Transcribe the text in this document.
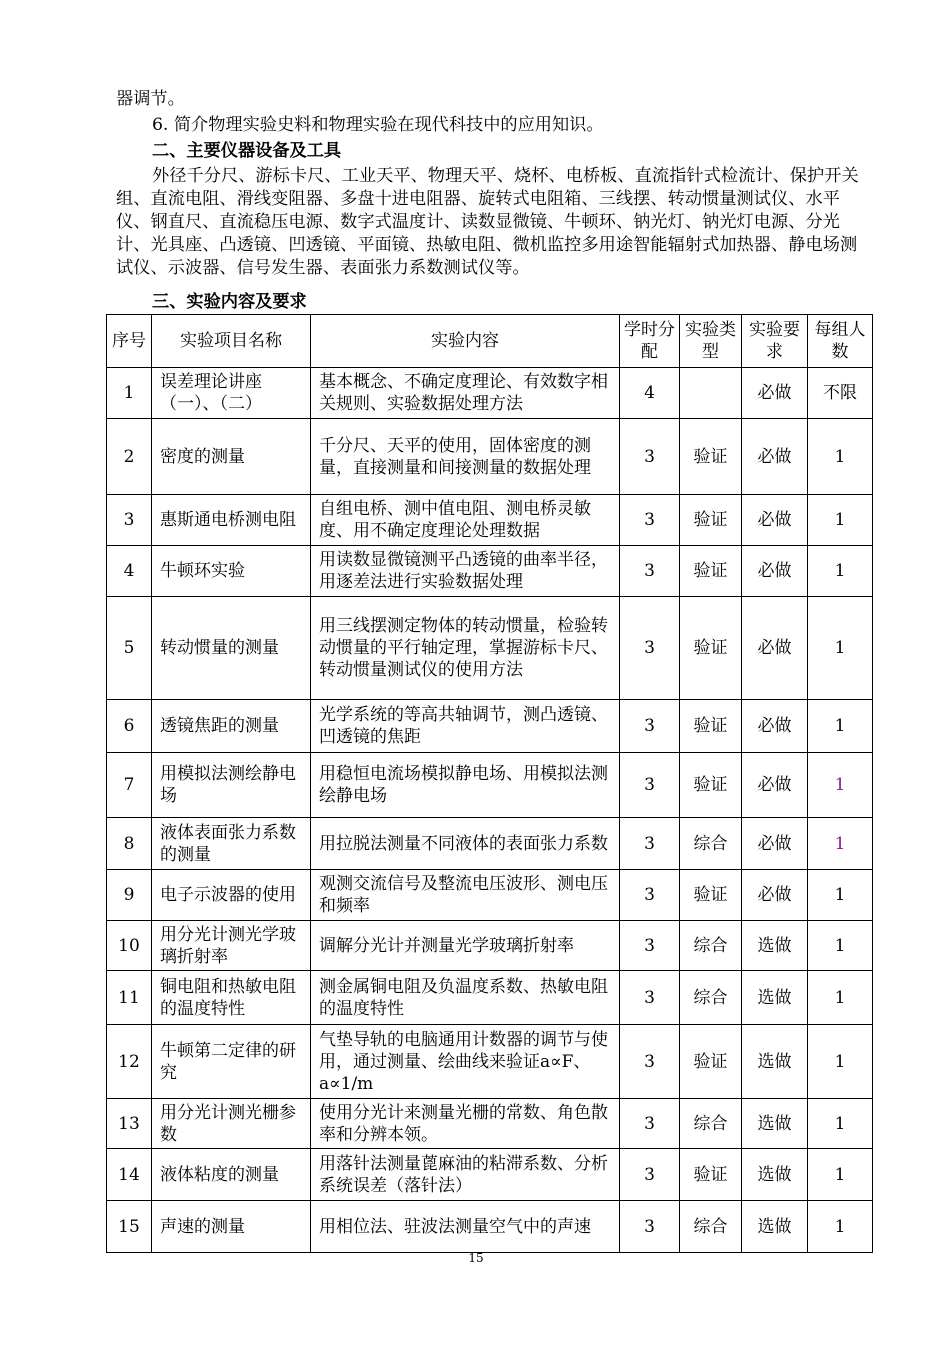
器调节。

6. 简介物理实验史料和物理实验在现代科技中的应用知识。

二、主要仪器设备及工具

外径千分尺、游标卡尺、工业天平、物理天平、烧杯、电桥板、直流指针式检流计、保护开关组、直流电阻、滑线变阻器、多盘十进电阻器、旋转式电阻箱、三线摆、转动惯量测试仪、水平仪、钢直尺、直流稳压电源、数字式温度计、读数显微镜、牛顿环、钠光灯、钠光灯电源、分光计、光具座、凸透镜、凹透镜、平面镜、热敏电阻、微机监控多用途智能辐射式加热器、静电场测试仪、示波器、信号发生器、表面张力系数测试仪等。

三、实验内容及要求

序号	实验项目名称	实验内容	学时分配	实验类型	实验要求	每组人数
1	误差理论讲座（一）、（二）	基本概念、不确定度理论、有效数字相关规则、实验数据处理方法	4		必做	不限
2	密度的测量	千分尺、天平的使用，固体密度的测量，直接测量和间接测量的数据处理	3	验证	必做	1
3	惠斯通电桥测电阻	自组电桥、测中值电阻、测电桥灵敏度、用不确定度理论处理数据	3	验证	必做	1
4	牛顿环实验	用读数显微镜测平凸透镜的曲率半径，用逐差法进行实验数据处理	3	验证	必做	1
5	转动惯量的测量	用三线摆测定物体的转动惯量，检验转动惯量的平行轴定理，掌握游标卡尺、转动惯量测试仪的使用方法	3	验证	必做	1
6	透镜焦距的测量	光学系统的等高共轴调节，测凸透镜、凹透镜的焦距	3	验证	必做	1
7	用模拟法测绘静电场	用稳恒电流场模拟静电场、用模拟法测绘静电场	3	验证	必做	1
8	液体表面张力系数的测量	用拉脱法测量不同液体的表面张力系数	3	综合	必做	1
9	电子示波器的使用	观测交流信号及整流电压波形、测电压和频率	3	验证	必做	1
10	用分光计测光学玻璃折射率	调解分光计并测量光学玻璃折射率	3	综合	选做	1
11	铜电阻和热敏电阻的温度特性	测金属铜电阻及负温度系数、热敏电阻的温度特性	3	综合	选做	1
12	牛顿第二定律的研究	气垫导轨的电脑通用计数器的调节与使用，通过测量、绘曲线来验证a∝F、a∝1/m	3	验证	选做	1
13	用分光计测光栅参数	使用分光计来测量光栅的常数、角色散率和分辨本领。	3	综合	选做	1
14	液体粘度的测量	用落针法测量蓖麻油的粘滞系数、分析系统误差（落针法）	3	验证	选做	1
15	声速的测量	用相位法、驻波法测量空气中的声速	3	综合	选做	1
15
